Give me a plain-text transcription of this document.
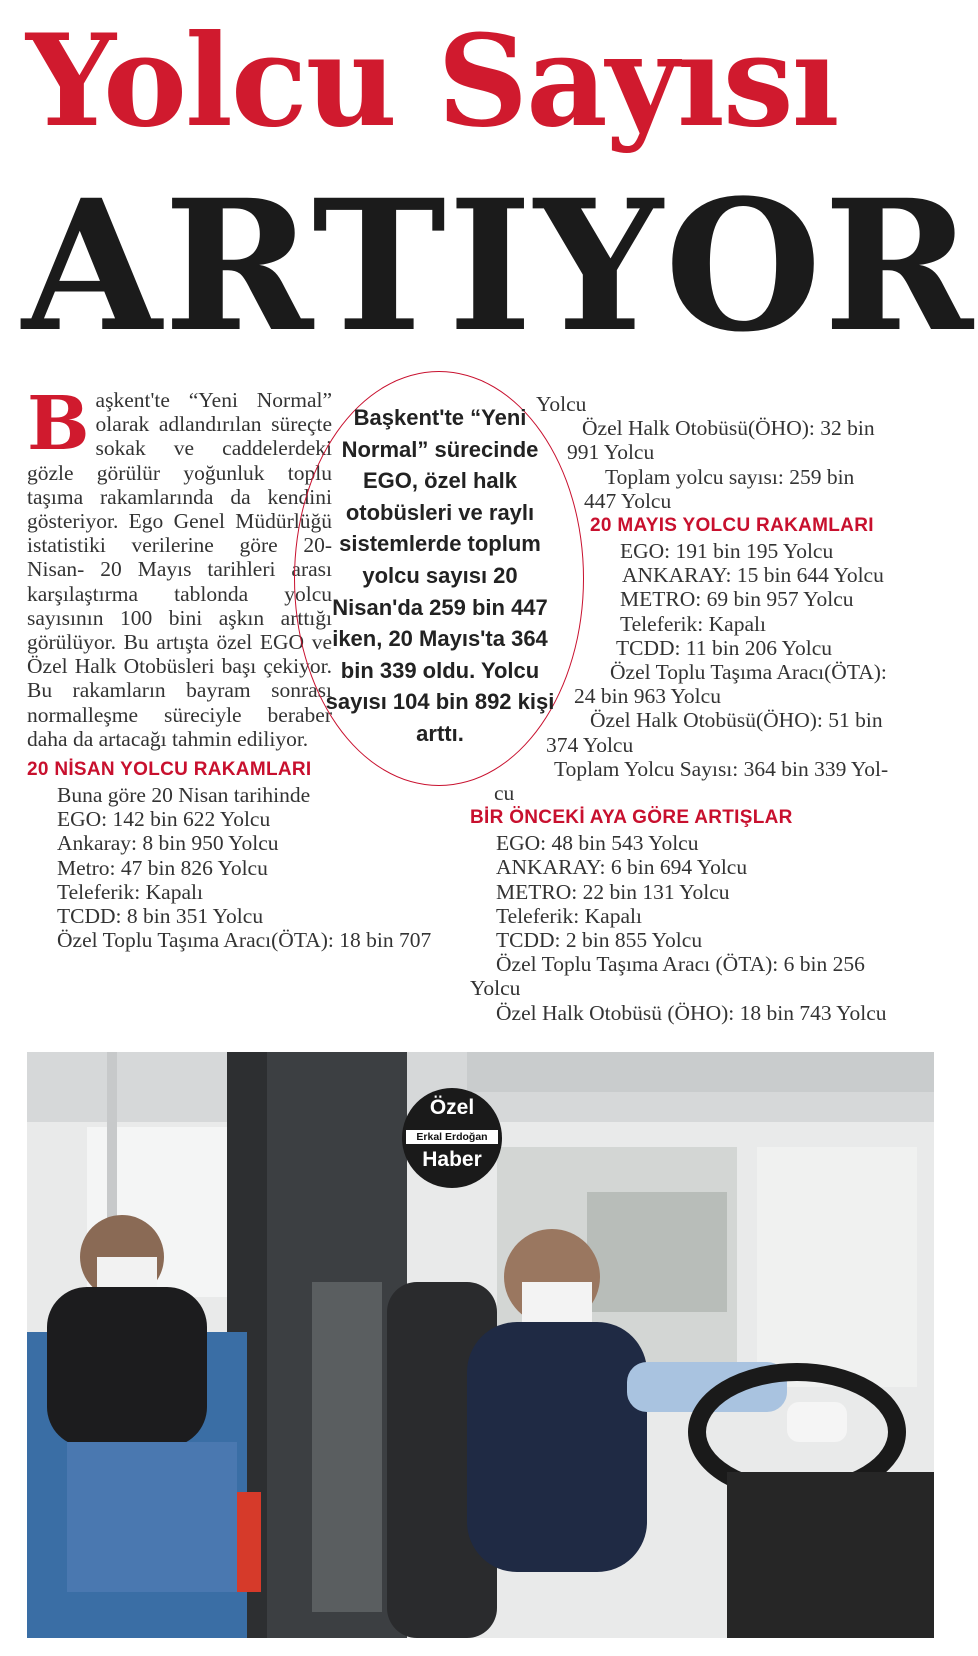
Yolcu Sayısı
ARTIYOR

Başkent'te “Yeni Normal” olarak adlandırılan süreçte sokak ve caddelerdeki gözle görülür yoğunluk toplu taşıma rakamlarında da kendini gösteriyor. Ego Genel Müdürlüğü istatistiki verilerine göre 20- Nisan- 20 Mayıs tarihleri arası karşılaştırma tablonda yolcu sayısının 100 bini aşkın arttığı görülüyor. Bu artışta özel EGO ve Özel Halk Otobüsleri başı çekiyor. Bu rakamların bayram sonrası normalleşme süreciyle beraber daha da artacağı tahmin ediliyor.

20 NİSAN YOLCU RAKAMLARI

Buna göre 20 Nisan tarihinde

EGO: 142 bin 622 Yolcu

Ankaray: 8 bin 950 Yolcu

Metro: 47 bin 826 Yolcu

Teleferik: Kapalı

TCDD: 8 bin 351 Yolcu

Özel Toplu Taşıma Aracı(ÖTA): 18 bin 707

Başkent'te “Yeni Normal” sürecinde EGO, özel halk otobüsleri ve raylı sistemlerde toplum yolcu sayısı 20 Nisan'da 259 bin 447 iken, 20 Mayıs'ta 364 bin 339 oldu. Yolcu sayısı 104 bin 892 kişi arttı.

Yolcu

Özel Halk Otobüsü(ÖHO): 32 bin

991 Yolcu

Toplam yolcu sayısı: 259 bin

447 Yolcu

20 MAYIS YOLCU RAKAMLARI

EGO: 191 bin 195 Yolcu

ANKARAY: 15 bin 644 Yolcu

METRO: 69 bin 957 Yolcu

Teleferik: Kapalı

TCDD: 11 bin 206 Yolcu

Özel Toplu Taşıma Aracı(ÖTA):

24 bin 963 Yolcu

Özel Halk Otobüsü(ÖHO): 51 bin

374 Yolcu

Toplam Yolcu Sayısı: 364 bin 339 Yol-

cu

BİR ÖNCEKİ AYA GÖRE ARTIŞLAR

EGO: 48 bin 543 Yolcu

ANKARAY: 6 bin 694 Yolcu

METRO: 22 bin 131 Yolcu

Teleferik: Kapalı

TCDD: 2 bin 855 Yolcu

Özel Toplu Taşıma Aracı (ÖTA): 6 bin 256

Yolcu

Özel Halk Otobüsü (ÖHO): 18 bin 743 Yolcu

Özel
Erkal Erdoğan
Haber
